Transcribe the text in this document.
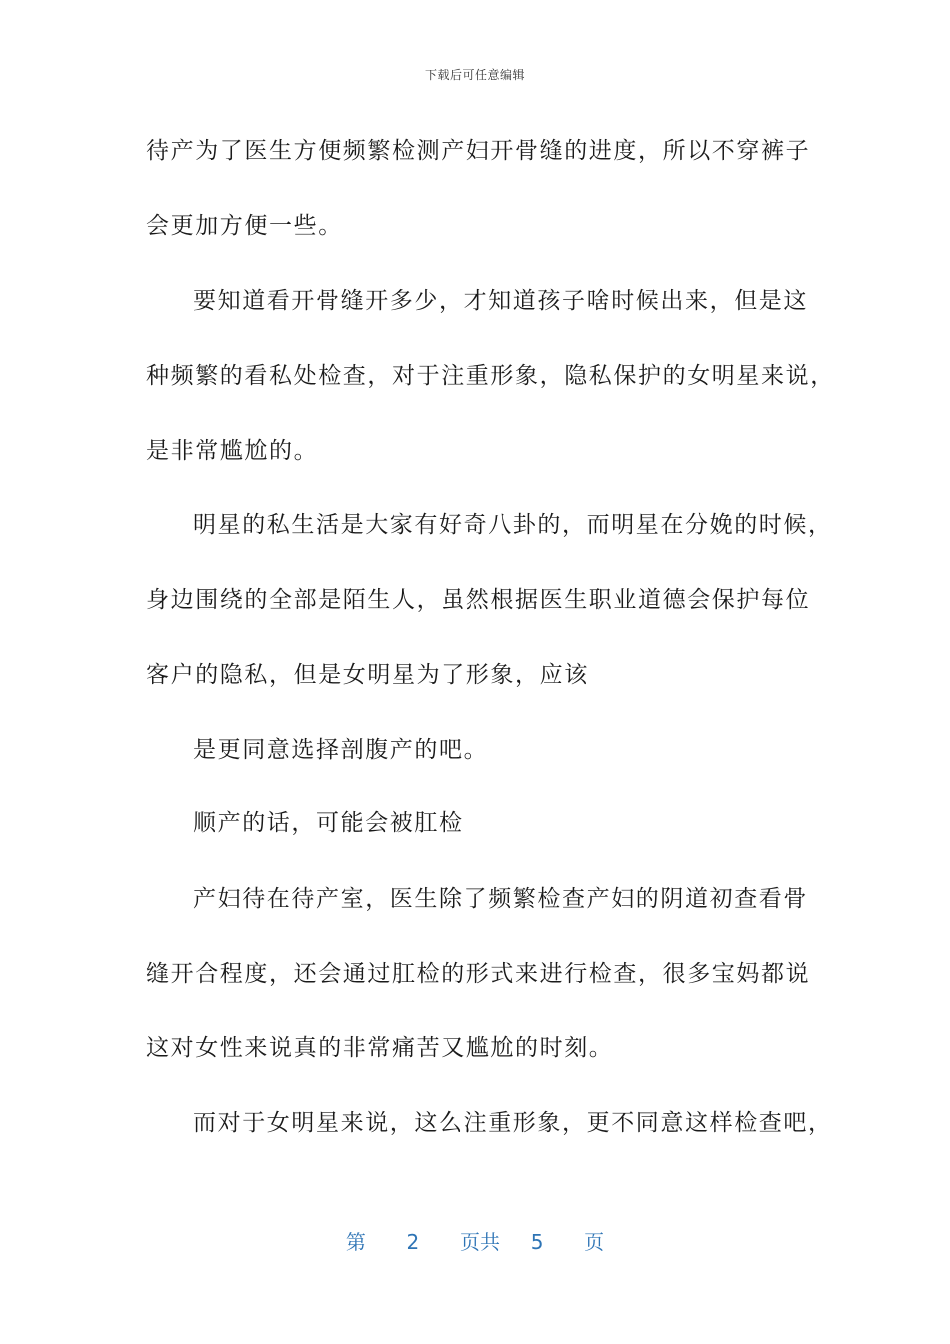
下载后可任意编辑
待产为了医生方便频繁检测产妇开骨缝的进度，所以不穿裤子
会更加方便一些。
要知道看开骨缝开多少，才知道孩子啥时候出来，但是这
种频繁的看私处检查，对于注重形象，隐私保护的女明星来说，
是非常尴尬的。
明星的私生活是大家有好奇八卦的，而明星在分娩的时候，
身边围绕的全部是陌生人，虽然根据医生职业道德会保护每位
客户的隐私，但是女明星为了形象，应该
是更同意选择剖腹产的吧。
顺产的话，可能会被肛检
产妇待在待产室，医生除了频繁检查产妇的阴道初查看骨
缝开合程度，还会通过肛检的形式来进行检查，很多宝妈都说
这对女性来说真的非常痛苦又尴尬的时刻。
而对于女明星来说，这么注重形象，更不同意这样检查吧，
第 2 页共 5 页
